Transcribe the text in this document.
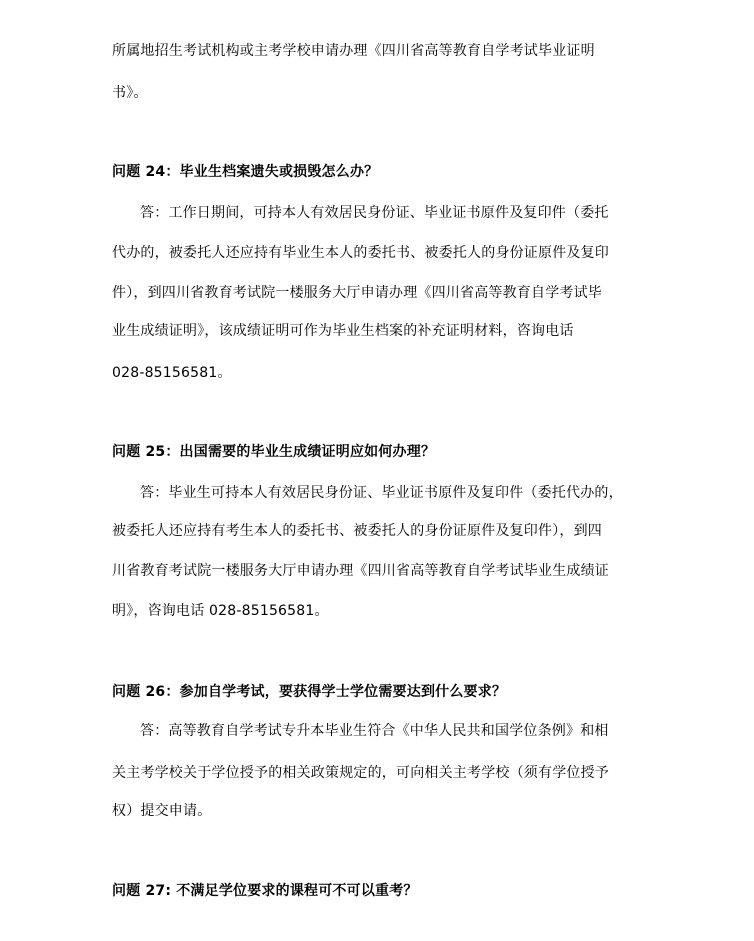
所属地招生考试机构或主考学校申请办理《四川省高等教育自学考试毕业证明
书》。
问题 24：毕业生档案遗失或损毁怎么办？
答：工作日期间，可持本人有效居民身份证、毕业证书原件及复印件（委托
代办的，被委托人还应持有毕业生本人的委托书、被委托人的身份证原件及复印
件），到四川省教育考试院一楼服务大厅申请办理《四川省高等教育自学考试毕
业生成绩证明》，该成绩证明可作为毕业生档案的补充证明材料，咨询电话
028-85156581。
问题 25：出国需要的毕业生成绩证明应如何办理？
答：毕业生可持本人有效居民身份证、毕业证书原件及复印件（委托代办的，
被委托人还应持有考生本人的委托书、被委托人的身份证原件及复印件），到四
川省教育考试院一楼服务大厅申请办理《四川省高等教育自学考试毕业生成绩证
明》，咨询电话 028-85156581。
问题 26：参加自学考试，要获得学士学位需要达到什么要求？
答：高等教育自学考试专升本毕业生符合《中华人民共和国学位条例》和相
关主考学校关于学位授予的相关政策规定的，可向相关主考学校（须有学位授予
权）提交申请。
问题 27: 不满足学位要求的课程可不可以重考？
